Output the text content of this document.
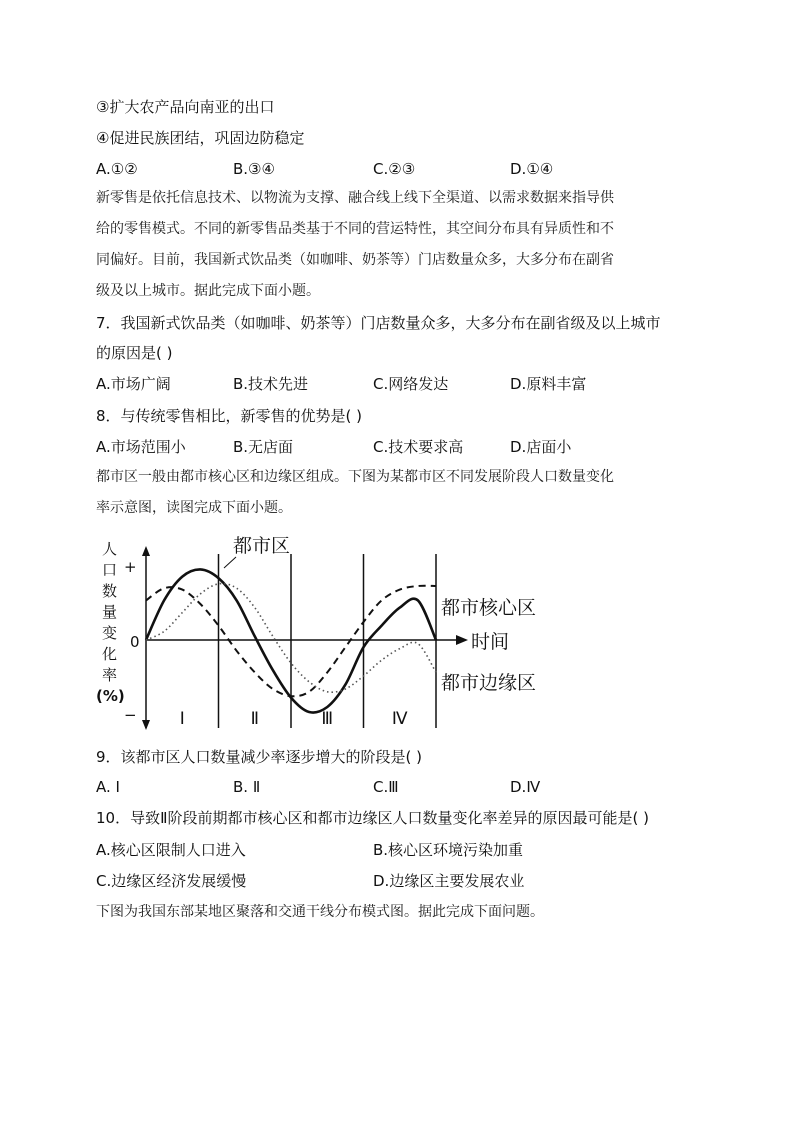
③扩大农产品向南亚的出口
④促进民族团结，巩固边防稳定
A.①②	B.③④	C.②③	D.①④
新零售是依托信息技术、以物流为支撑、融合线上线下全渠道、以需求数据来指导供
给的零售模式。不同的新零售品类基于不同的营运特性，其空间分布具有异质性和不
同偏好。目前，我国新式饮品类（如咖啡、奶茶等）门店数量众多，大多分布在副省
级及以上城市。据此完成下面小题。
7．我国新式饮品类（如咖啡、奶茶等）门店数量众多，大多分布在副省级及以上城市
的原因是( )
A.市场广阔	B.技术先进	C.网络发达	D.原料丰富
8．与传统零售相比，新零售的优势是( )
A.市场范围小	B.无店面	C.技术要求高	D.店面小
都市区一般由都市核心区和边缘区组成。下图为某都市区不同发展阶段人口数量变化
率示意图，读图完成下面小题。
人
口
数
量
变
化
率
(%)
+
0
−
时间
Ⅰ	Ⅱ	Ⅲ	Ⅳ
都市区
都市核心区
都市边缘区
9．该都市区人口数量减少率逐步增大的阶段是( )
A. Ⅰ	B. Ⅱ	C.Ⅲ	D.Ⅳ
10．导致Ⅱ阶段前期都市核心区和都市边缘区人口数量变化率差异的原因最可能是( )
A.核心区限制人口进入	B.核心区环境污染加重
C.边缘区经济发展缓慢	D.边缘区主要发展农业
下图为我国东部某地区聚落和交通干线分布模式图。据此完成下面问题。
